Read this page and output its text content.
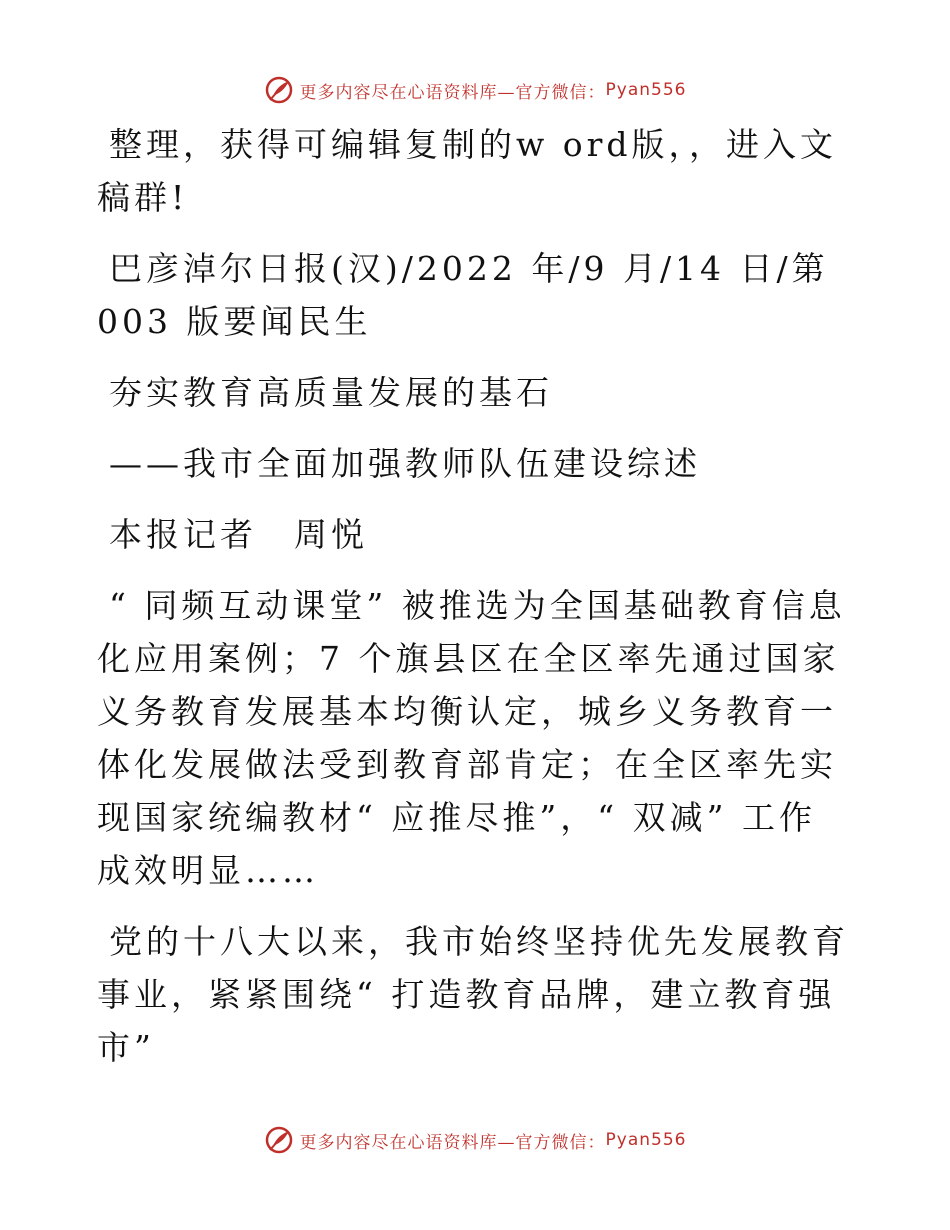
更多内容尽在心语资料库—官方微信： Pyan556

整理，获得可编辑复制的w ord版，，进入文稿群!

巴彦淖尔日报(汉)/2022 年/9 月/14 日/第 003 版要闻民生

夯实教育高质量发展的基石

——我市全面加强教师队伍建设综述

本报记者　周悦

“ 同频互动课堂” 被推选为全国基础教育信息化应用案例；7 个旗县区在全区率先通过国家义务教育发展基本均衡认定，城乡义务教育一体化发展做法受到教育部肯定；在全区率先实现国家统编教材“ 应推尽推”，“ 双减” 工作成效明显……

党的十八大以来，我市始终坚持优先发展教育事业，紧紧围绕“ 打造教育品牌，建立教育强市”

更多内容尽在心语资料库—官方微信： Pyan556
